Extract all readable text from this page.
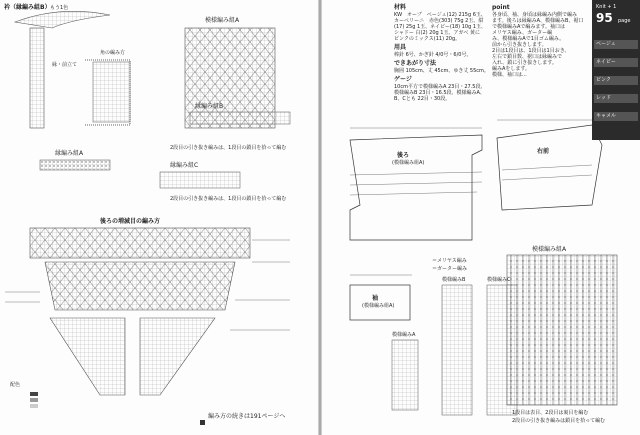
衿（縁編み組B） もう1色
縁・前立て
角の編み方
模様編み組A
縁編み組A
縁編み組B
縁編み組C
後ろの増減目の編み方
配色
2段目の引き抜き編みは、1段目の鎖目を拾って編む
2段目の引き抜き編みは、1段目の鎖目を拾って編む
編み方の続きは191ページへ
材料
KW　オーブ　ベージュ(12) 215g 6玉、
カーペリーニ　赤色(303) 75g 2玉、紺
(17) 25g 1玉、ネイビー(18) 10g 1玉、
シャドー 白(2) 20g 1玉、アガベ 黄に
ピンクのミックス(11) 20g。
用具
棒針 6号、かぎ針 4/0号・6/0号。
できあがり寸法
胸囲 105cm、丈 45cm、ゆき丈 55cm。
ゲージ
10cm平方で模様編みA 23目・27.5段、
模様編みB 23目・16.5段、模様編みA、
B、Cとも 22目・30段。
point
各身頃、袖、身頃は縁編み内側で編み
ます。後ろは縁編みA、模様編みB、裾口
で模様編みAで編みます。袖口は
メリヤス編み、ガーター編
み、模様編みAで1目ゴム編み。
前から引き抜きします。
2目は1段目は、1段目は1目おき、
左右で鎖目数、裾口は縁編みで
入れ、鎖に引き抜きします。
編みAをします。
模様、袖口は...
後ろ
(模様編み組A)
右前
袖
(模様編み組A)
模様編み組A
模様編みA
模様編みB	模様編みC
＝メリヤス編み
＝ガーター編み
1段目は表目、2段目は裏目を編む
2段目の引き抜き編みは鎖目を拾って編む
Knit + 1
95 page
ベージュ
ネイビー
ピンク
レッド
キャメル
